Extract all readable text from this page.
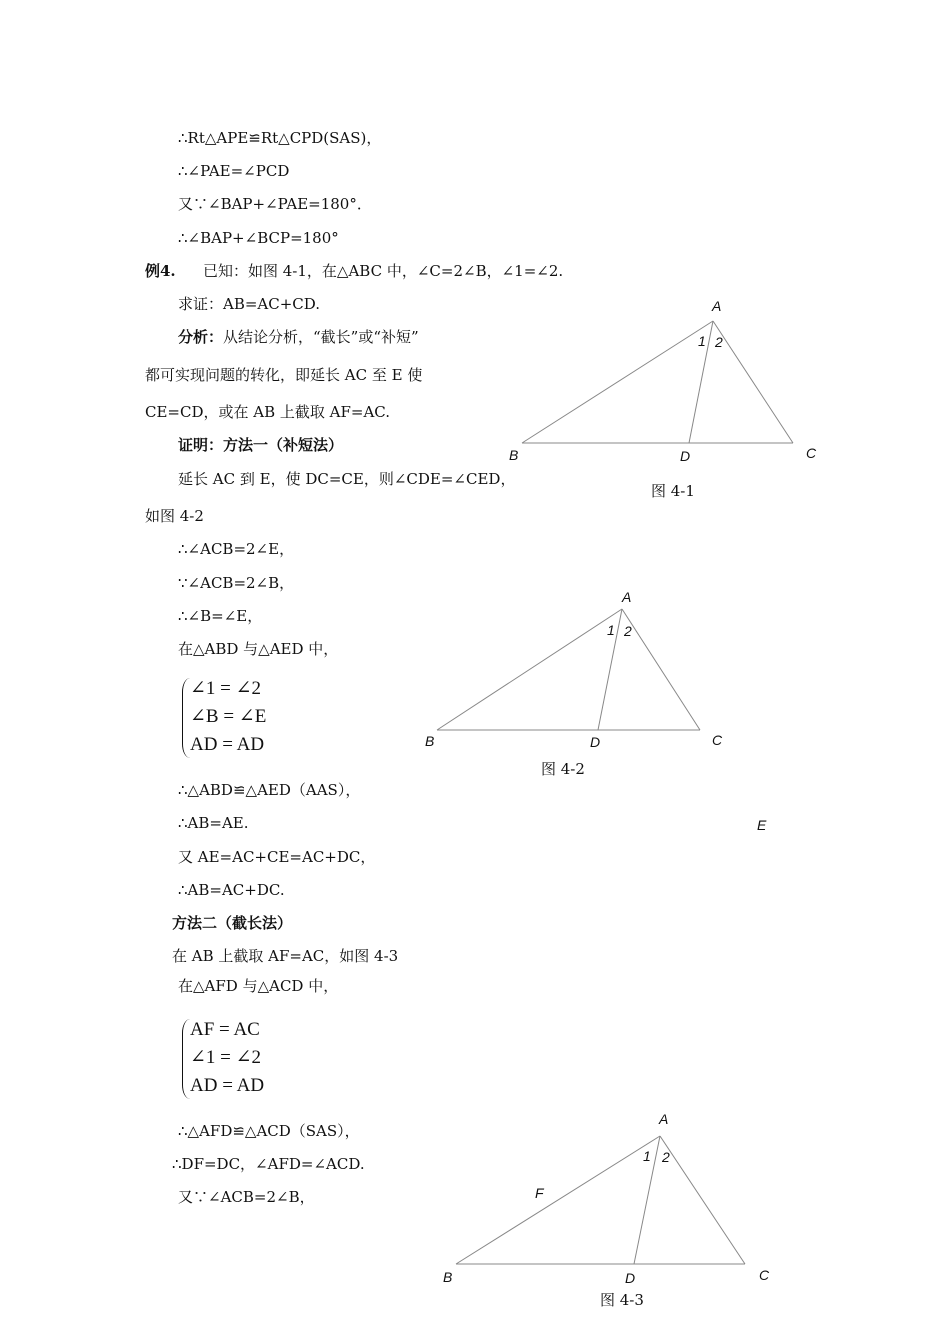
∴Rt△APE≌Rt△CPD(SAS)，
∴∠PAE=∠PCD
又∵∠BAP+∠PAE=180°．
∴∠BAP+∠BCP=180°
例4. 已知：如图 4-1，在△ABC 中，∠C=2∠B，∠1=∠2.
求证：AB=AC+CD.
分析：从结论分析，“截长”或“补短”
都可实现问题的转化，即延长 AC 至 E 使
CE=CD，或在 AB 上截取 AF=AC.
证明：方法一（补短法）
延长 AC 到 E，使 DC=CE，则∠CDE=∠CED，
如图 4-2
∴∠ACB=2∠E，
∵∠ACB=2∠B，
∴∠B=∠E，
在△ABD 与△AED 中，
∠1 = ∠2
∠B = ∠E
AD = AD
∴△ABD≌△AED（AAS），
∴AB=AE.
又 AE=AC+CE=AC+DC，
∴AB=AC+DC.
方法二（截长法）
在 AB 上截取 AF=AC，如图 4-3
在△AFD 与△ACD 中，
AF = AC
∠1 = ∠2
AD = AD
∴△AFD≌△ACD（SAS），
∴DF=DC，∠AFD=∠ACD.
又∵∠ACB=2∠B，
A
1 2
B	D	C
A
1 2
B	D	C
E
A
1 2
F
B	D	C
图 4-1
图 4-2
图 4-3
